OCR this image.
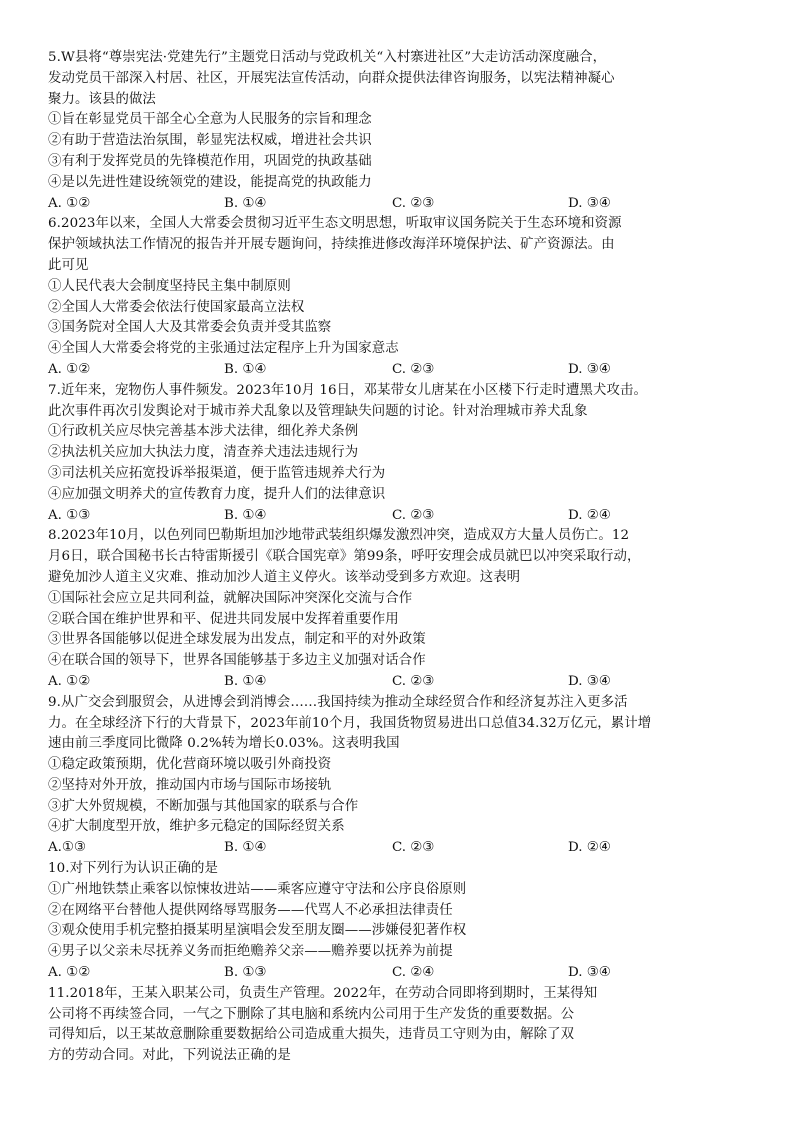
5.W县将“尊崇宪法·党建先行”主题党日活动与党政机关“入村寨进社区”大走访活动深度融合，
发动党员干部深入村居、社区，开展宪法宣传活动，向群众提供法律咨询服务，以宪法精神凝心
聚力。该县的做法
①旨在彰显党员干部全心全意为人民服务的宗旨和理念
②有助于营造法治氛围，彰显宪法权威，增进社会共识
③有利于发挥党员的先锋模范作用，巩固党的执政基础
④是以先进性建设统领党的建设，能提高党的执政能力
A. ①②	B. ①④	C. ②③	D. ③④
6.2023年以来，全国人大常委会贯彻习近平生态文明思想，听取审议国务院关于生态环境和资源
保护领域执法工作情况的报告并开展专题询问，持续推进修改海洋环境保护法、矿产资源法。由
此可见
①人民代表大会制度坚持民主集中制原则
②全国人大常委会依法行使国家最高立法权
③国务院对全国人大及其常委会负责并受其监察
④全国人大常委会将党的主张通过法定程序上升为国家意志
A. ①②	B. ①④	C. ②③	D. ③④
7.近年来，宠物伤人事件频发。2023年10月 16日，邓某带女儿唐某在小区楼下行走时遭黑犬攻击。
此次事件再次引发舆论对于城市养犬乱象以及管理缺失问题的讨论。针对治理城市养犬乱象
①行政机关应尽快完善基本涉犬法律，细化养犬条例
②执法机关应加大执法力度，清查养犬违法违规行为
③司法机关应拓宽投诉举报渠道，便于监管违规养犬行为
④应加强文明养犬的宣传教育力度，提升人们的法律意识
A. ①③	B. ①④	C. ②③	D. ②④
8.2023年10月，以色列同巴勒斯坦加沙地带武装组织爆发激烈冲突，造成双方大量人员伤亡。12
月6日，联合国秘书长古特雷斯援引《联合国宪章》第99条，呼吁安理会成员就巴以冲突采取行动，
避免加沙人道主义灾难、推动加沙人道主义停火。该举动受到多方欢迎。这表明
①国际社会应立足共同利益，就解决国际冲突深化交流与合作
②联合国在维护世界和平、促进共同发展中发挥着重要作用
③世界各国能够以促进全球发展为出发点，制定和平的对外政策
④在联合国的领导下，世界各国能够基于多边主义加强对话合作
A. ①②	B. ①④	C. ②③	D. ③④
9.从广交会到服贸会，从进博会到消博会……我国持续为推动全球经贸合作和经济复苏注入更多活
力。在全球经济下行的大背景下，2023年前10个月，我国货物贸易进出口总值34.32万亿元，累计增
速由前三季度同比微降 0.2%转为增长0.03%。这表明我国
①稳定政策预期，优化营商环境以吸引外商投资
②坚持对外开放，推动国内市场与国际市场接轨
③扩大外贸规模，不断加强与其他国家的联系与合作
④扩大制度型开放，维护多元稳定的国际经贸关系
A.①③	B. ①④	C. ②③	D. ②④
10.对下列行为认识正确的是
①广州地铁禁止乘客以惊悚妆进站——乘客应遵守守法和公序良俗原则
②在网络平台替他人提供网络辱骂服务——代骂人不必承担法律责任
③观众使用手机完整拍摄某明星演唱会发至朋友圈——涉嫌侵犯著作权
④男子以父亲未尽抚养义务而拒绝赡养父亲——赡养要以抚养为前提
A. ①②	B. ①③	C. ②④	D. ③④
11.2018年，王某入职某公司，负责生产管理。2022年，在劳动合同即将到期时，王某得知
公司将不再续签合同，一气之下删除了其电脑和系统内公司用于生产发货的重要数据。公
司得知后，以王某故意删除重要数据给公司造成重大损失，违背员工守则为由，解除了双
方的劳动合同。对此，下列说法正确的是
